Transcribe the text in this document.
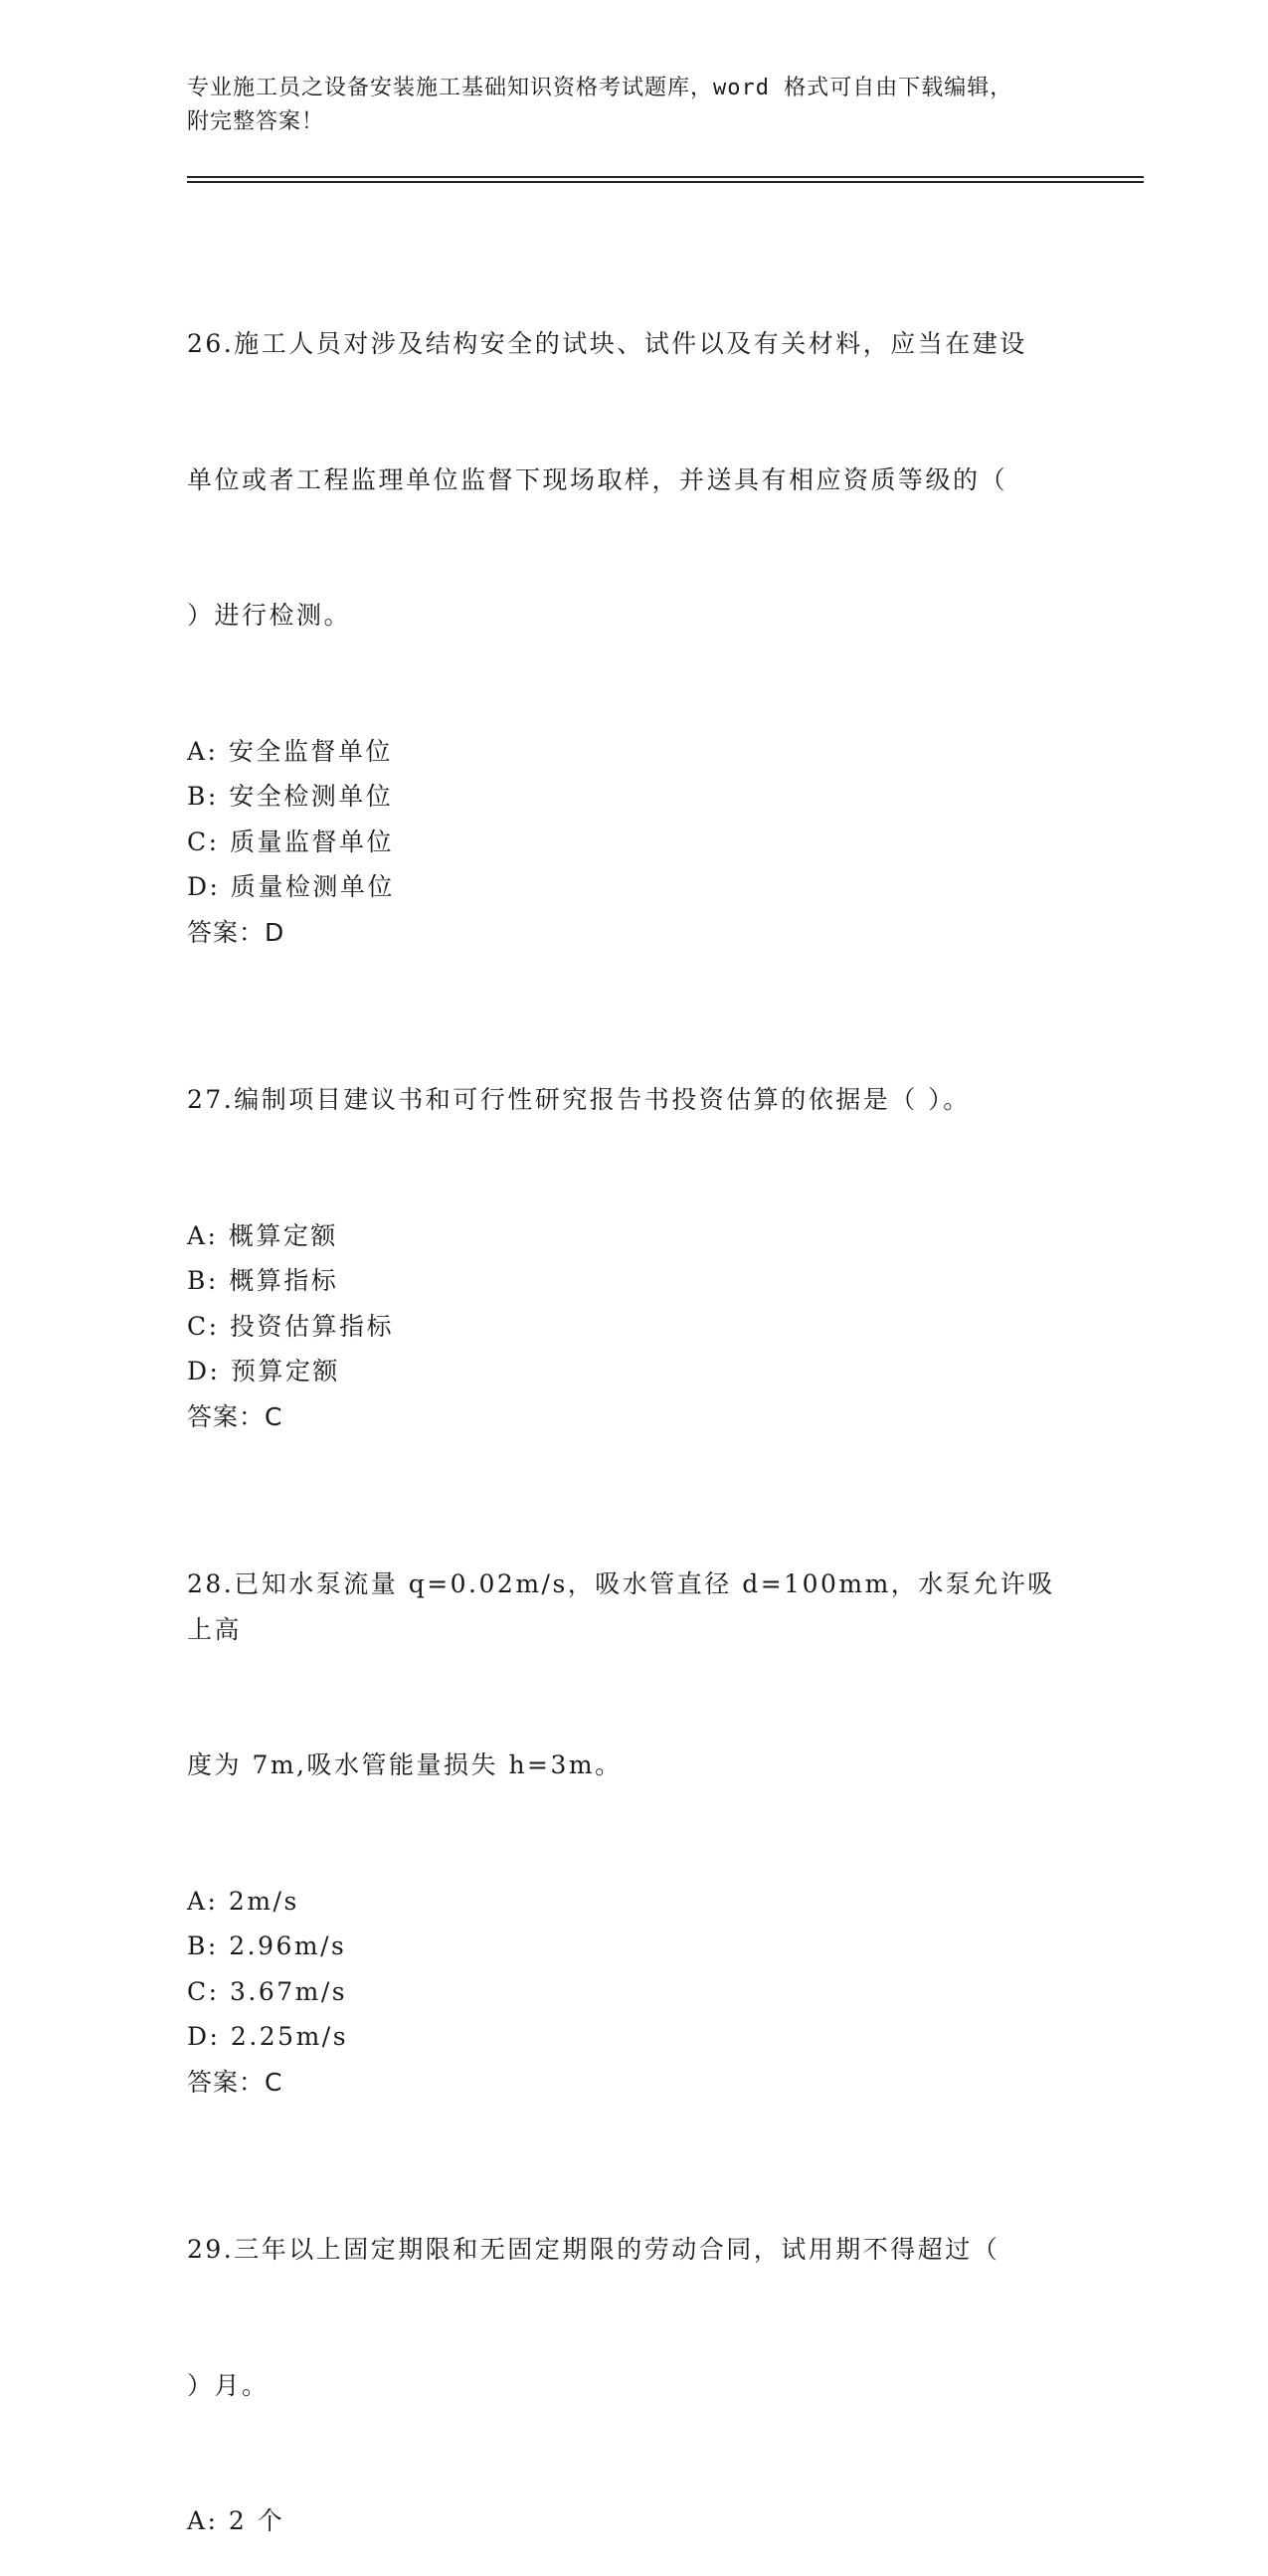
专业施工员之设备安装施工基础知识资格考试题库，word 格式可自由下载编辑，
附完整答案！

26.施工人员对涉及结构安全的试块、试件以及有关材料，应当在建设

单位或者工程监理单位监督下现场取样，并送具有相应资质等级的（

）进行检测。

A: 安全监督单位

B: 安全检测单位

C: 质量监督单位

D: 质量检测单位

答案：D

27.编制项目建议书和可行性研究报告书投资估算的依据是（ ）。

A: 概算定额

B: 概算指标

C: 投资估算指标

D: 预算定额

答案：C

28.已知水泵流量 q=0.02m/s，吸水管直径 d=100mm，水泵允许吸上高

度为 7m,吸水管能量损失 h=3m。

A: 2m/s

B: 2.96m/s

C: 3.67m/s

D: 2.25m/s

答案：C

29.三年以上固定期限和无固定期限的劳动合同，试用期不得超过（

）月。

A: 2 个
